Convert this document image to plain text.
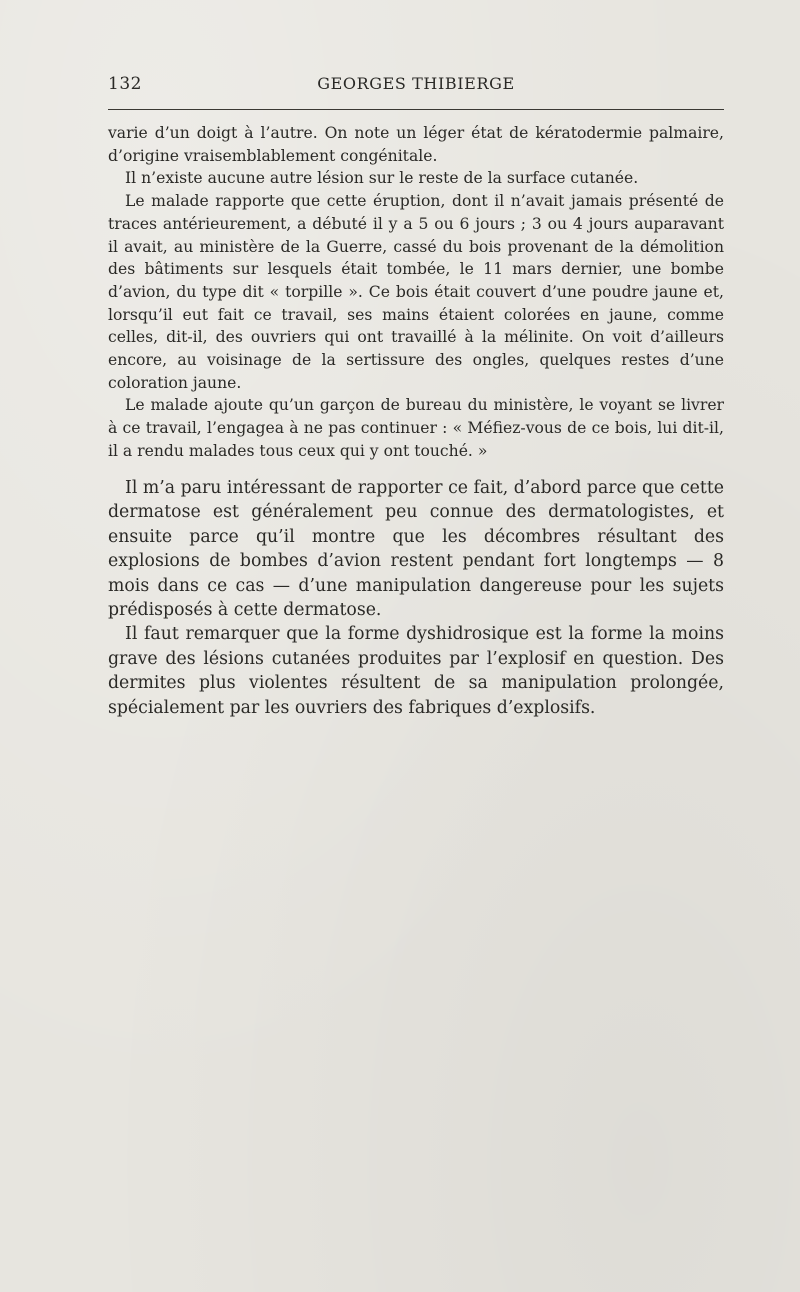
132	GEORGES THIBIERGE

varie d’un doigt à l’autre. On note un léger état de kératodermie palmaire, d’origine vraisemblablement congénitale.

Il n’existe aucune autre lésion sur le reste de la surface cutanée.

Le malade rapporte que cette éruption, dont il n’avait jamais présenté de traces antérieurement, a débuté il y a 5 ou 6 jours ; 3 ou 4 jours auparavant il avait, au ministère de la Guerre, cassé du bois provenant de la démolition des bâtiments sur lesquels était tombée, le 11 mars dernier, une bombe d’avion, du type dit « torpille ». Ce bois était couvert d’une poudre jaune et, lorsqu’il eut fait ce travail, ses mains étaient colorées en jaune, comme celles, dit-il, des ouvriers qui ont travaillé à la mélinite. On voit d’ailleurs encore, au voisinage de la sertissure des ongles, quelques restes d’une coloration jaune.

Le malade ajoute qu’un garçon de bureau du ministère, le voyant se livrer à ce travail, l’engagea à ne pas continuer : « Méfiez-vous de ce bois, lui dit-il, il a rendu malades tous ceux qui y ont touché. »

Il m’a paru intéressant de rapporter ce fait, d’abord parce que cette dermatose est généralement peu connue des dermatologistes, et ensuite parce qu’il montre que les décombres résultant des explosions de bombes d’avion restent pendant fort longtemps — 8 mois dans ce cas — d’une manipulation dangereuse pour les sujets prédisposés à cette dermatose.

Il faut remarquer que la forme dyshidrosique est la forme la moins grave des lésions cutanées produites par l’explosif en question. Des dermites plus violentes résultent de sa manipulation prolongée, spécialement par les ouvriers des fabriques d’explosifs.
